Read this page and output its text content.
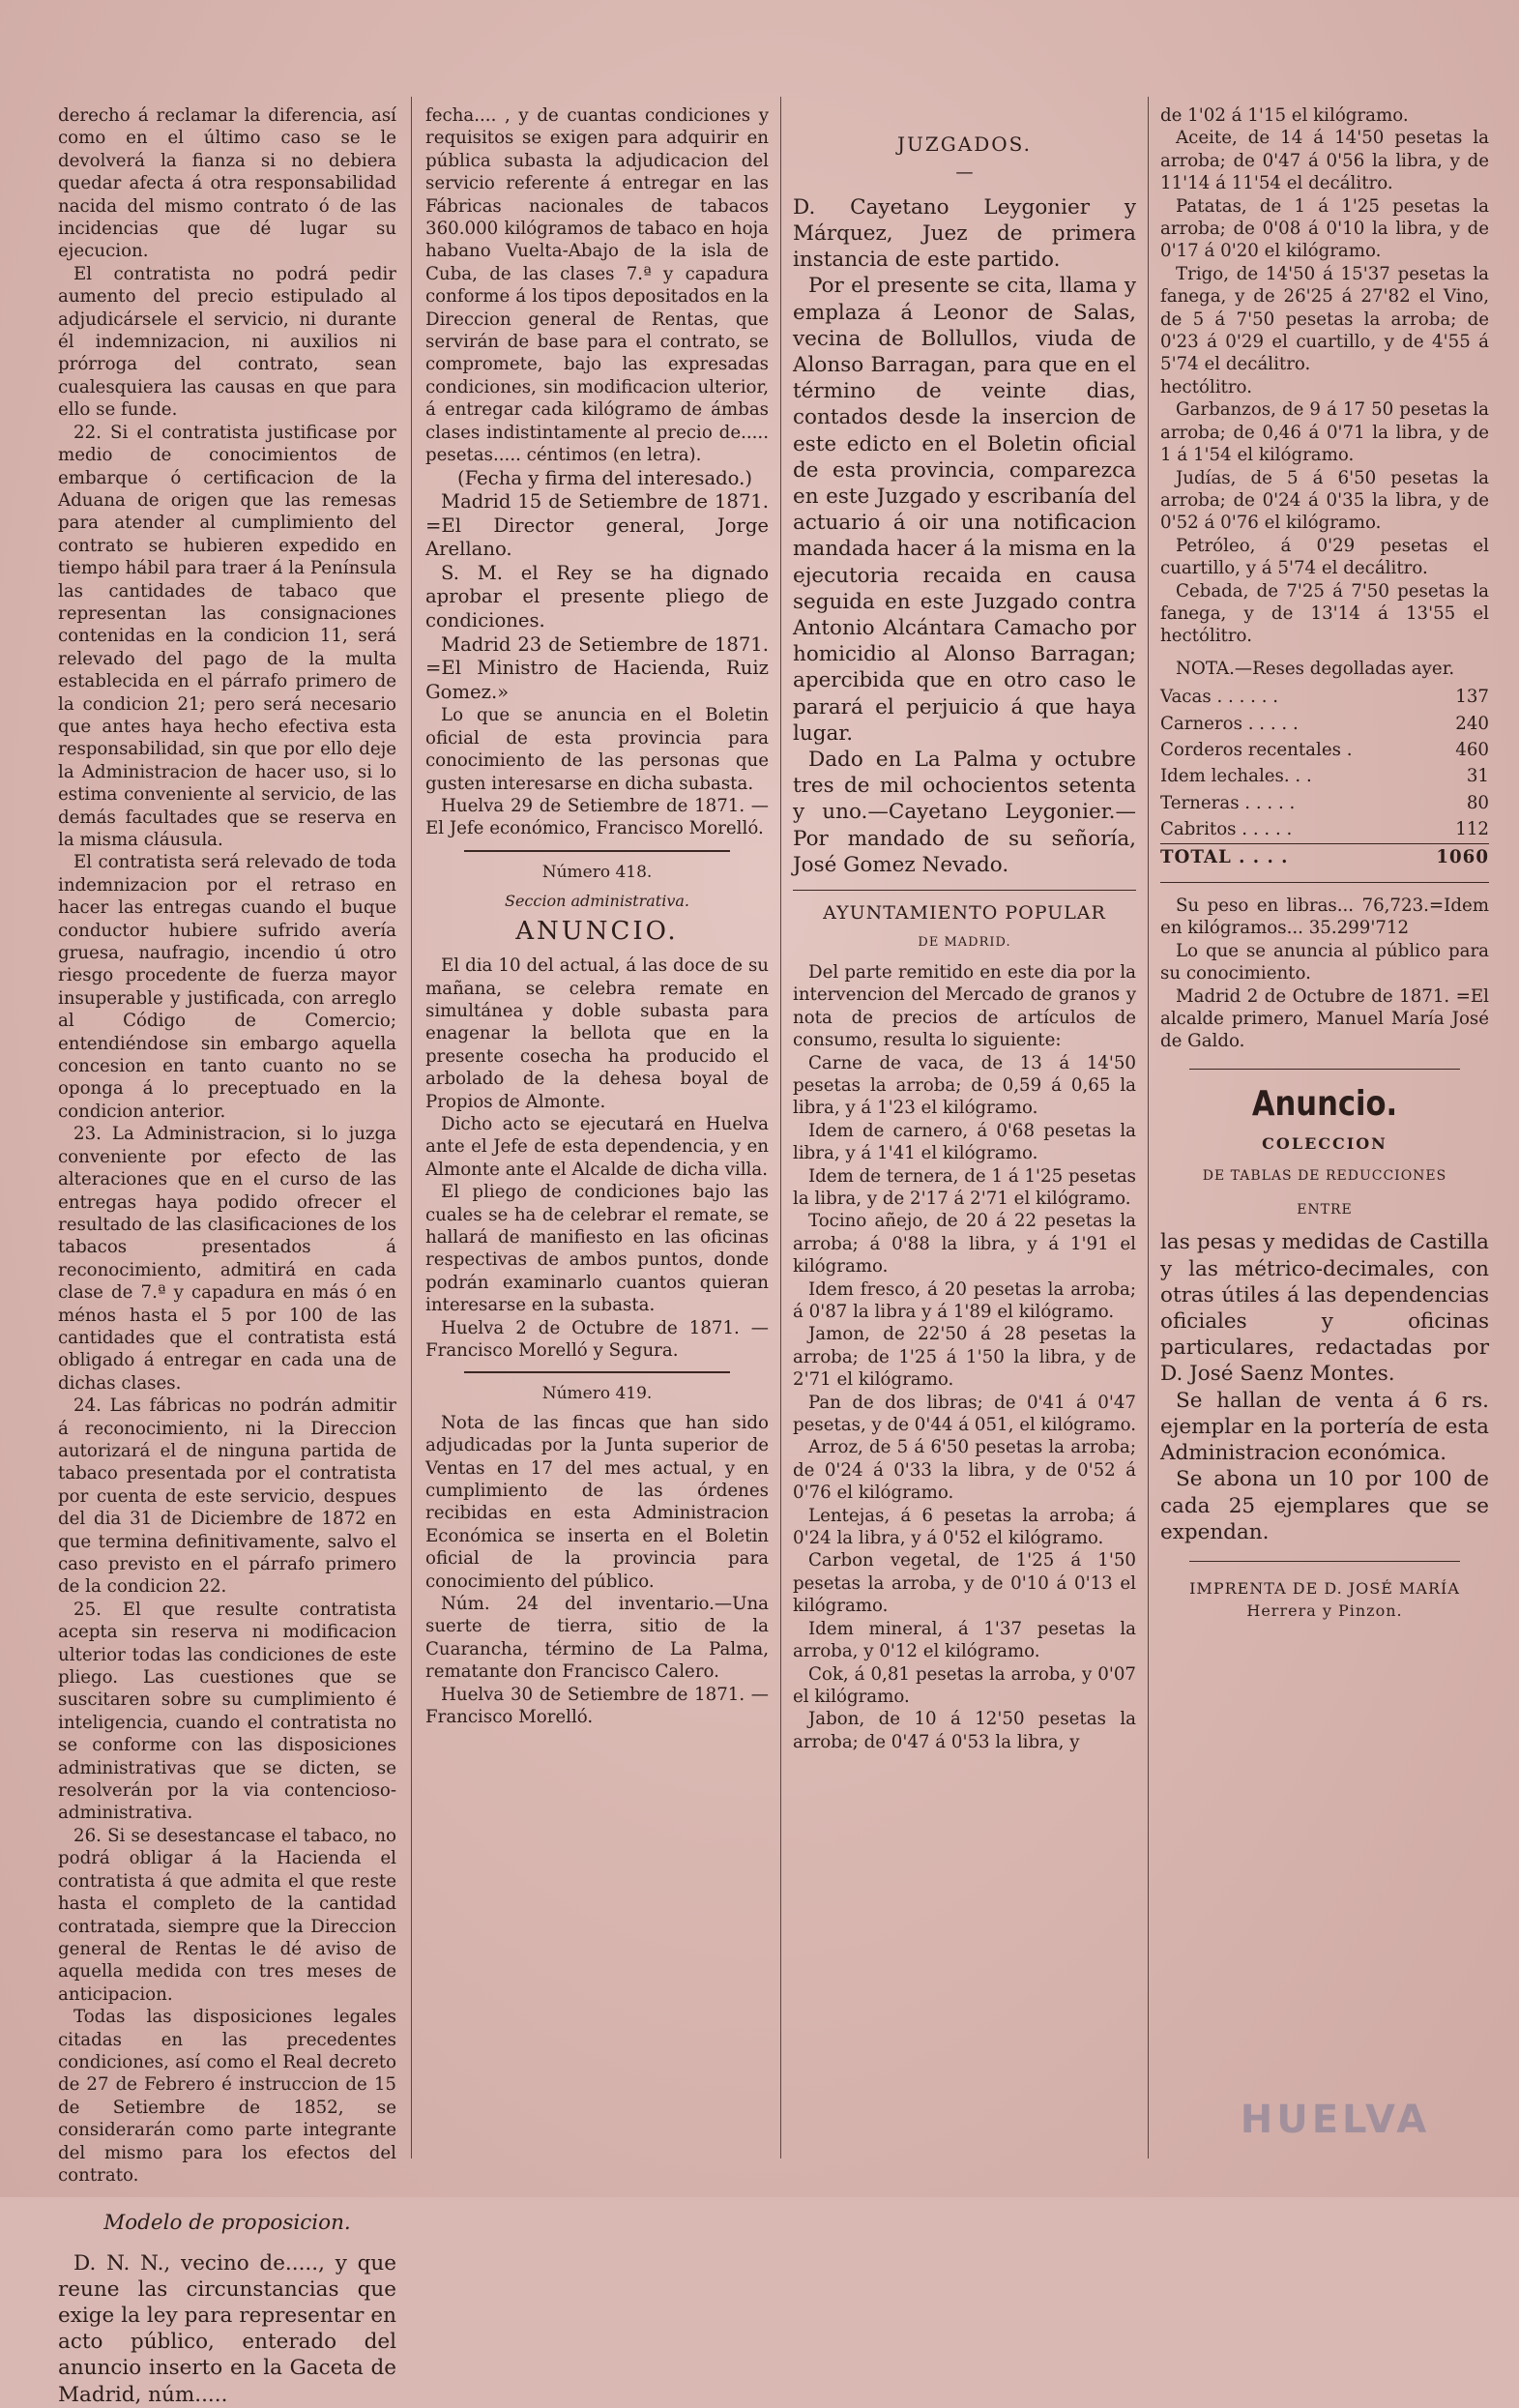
derecho á reclamar la diferencia, así como en el último caso se le devolverá la fianza si no debiera quedar afecta á otra responsabilidad nacida del mismo contrato ó de las incidencias que dé lugar su ejecucion.

El contratista no podrá pedir aumento del precio estipulado al adjudicársele el servicio, ni durante él indemnizacion, ni auxilios ni prórroga del contrato, sean cualesquiera las causas en que para ello se funde.

22. Si el contratista justificase por medio de conocimientos de embarque ó certificacion de la Aduana de origen que las remesas para atender al cumplimiento del contrato se hubieren expedido en tiempo hábil para traer á la Península las cantidades de tabaco que representan las consignaciones contenidas en la condicion 11, será relevado del pago de la multa establecida en el párrafo primero de la condicion 21; pero será necesario que antes haya hecho efectiva esta responsabilidad, sin que por ello deje la Administracion de hacer uso, si lo estima conveniente al servicio, de las demás facultades que se reserva en la misma cláusula.

El contratista será relevado de toda indemnizacion por el retraso en hacer las entregas cuando el buque conductor hubiere sufrido avería gruesa, naufragio, incendio ú otro riesgo procedente de fuerza mayor insuperable y justificada, con arreglo al Código de Comercio; entendiéndose sin embargo aquella concesion en tanto cuanto no se oponga á lo preceptuado en la condicion anterior.

23. La Administracion, si lo juzga conveniente por efecto de las alteraciones que en el curso de las entregas haya podido ofrecer el resultado de las clasificaciones de los tabacos presentados á reconocimiento, admitirá en cada clase de 7.ª y capadura en más ó en ménos hasta el 5 por 100 de las cantidades que el contratista está obligado á entregar en cada una de dichas clases.

24. Las fábricas no podrán admitir á reconocimiento, ni la Direccion autorizará el de ninguna partida de tabaco presentada por el contratista por cuenta de este servicio, despues del dia 31 de Diciembre de 1872 en que termina definitivamente, salvo el caso previsto en el párrafo primero de la condicion 22.

25. El que resulte contratista acepta sin reserva ni modificacion ulterior todas las condiciones de este pliego. Las cuestiones que se suscitaren sobre su cumplimiento é inteligencia, cuando el contratista no se conforme con las disposiciones administrativas que se dicten, se resolverán por la via contencioso-administrativa.

26. Si se desestancase el tabaco, no podrá obligar á la Hacienda el contratista á que admita el que reste hasta el completo de la cantidad contratada, siempre que la Direccion general de Rentas le dé aviso de aquella medida con tres meses de anticipacion.

Todas las disposiciones legales citadas en las precedentes condiciones, así como el Real decreto de 27 de Febrero é instruccion de 15 de Setiembre de 1852, se considerarán como parte integrante del mismo para los efectos del contrato.

Modelo de proposicion.

D. N. N., vecino de....., y que reune las circunstancias que exige la ley para representar en acto público, enterado del anuncio inserto en la Gaceta de Madrid, núm.....

fecha.... , y de cuantas condiciones y requisitos se exigen para adquirir en pública subasta la adjudicacion del servicio referente á entregar en las Fábricas nacionales de tabacos 360.000 kilógramos de tabaco en hoja habano Vuelta-Abajo de la isla de Cuba, de las clases 7.ª y capadura conforme á los tipos depositados en la Direccion general de Rentas, que servirán de base para el contrato, se compromete, bajo las expresadas condiciones, sin modificacion ulterior, á entregar cada kilógramo de ámbas clases indistintamente al precio de..... pesetas..... céntimos (en letra).

(Fecha y firma del interesado.)

Madrid 15 de Setiembre de 1871. =El Director general, Jorge Arellano.

S. M. el Rey se ha dignado aprobar el presente pliego de condiciones.

Madrid 23 de Setiembre de 1871. =El Ministro de Hacienda, Ruiz Gomez.»

Lo que se anuncia en el Boletin oficial de esta provincia para conocimiento de las personas que gusten interesarse en dicha subasta.

Huelva 29 de Setiembre de 1871. —El Jefe económico, Francisco Morelló.

Número 418.
Seccion administrativa.
ANUNCIO.

El dia 10 del actual, á las doce de su mañana, se celebra remate en simultánea y doble subasta para enagenar la bellota que en la presente cosecha ha producido el arbolado de la dehesa boyal de Propios de Almonte.

Dicho acto se ejecutará en Huelva ante el Jefe de esta dependencia, y en Almonte ante el Alcalde de dicha villa.

El pliego de condiciones bajo las cuales se ha de celebrar el remate, se hallará de manifiesto en las oficinas respectivas de ambos puntos, donde podrán examinarlo cuantos quieran interesarse en la subasta.

Huelva 2 de Octubre de 1871. —Francisco Morelló y Segura.

Número 419.

Nota de las fincas que han sido adjudicadas por la Junta superior de Ventas en 17 del mes actual, y en cumplimiento de las órdenes recibidas en esta Administracion Económica se inserta en el Boletin oficial de la provincia para conocimiento del público.

Núm. 24 del inventario.—Una suerte de tierra, sitio de la Cuarancha, término de La Palma, rematante don Francisco Calero.

Huelva 30 de Setiembre de 1871. —Francisco Morelló.

JUZGADOS.
—

D. Cayetano Leygonier y Márquez, Juez de primera instancia de este partido.

Por el presente se cita, llama y emplaza á Leonor de Salas, vecina de Bollullos, viuda de Alonso Barragan, para que en el término de veinte dias, contados desde la insercion de este edicto en el Boletin oficial de esta provincia, comparezca en este Juzgado y escribanía del actuario á oir una notificacion mandada hacer á la misma en la ejecutoria recaida en causa seguida en este Juzgado contra Antonio Alcántara Camacho por homicidio al Alonso Barragan; apercibida que en otro caso le parará el perjuicio á que haya lugar.

Dado en La Palma y octubre tres de mil ochocientos setenta y uno.—Cayetano Leygonier.—Por mandado de su señoría, José Gomez Nevado.

AYUNTAMIENTO POPULAR
DE MADRID.

Del parte remitido en este dia por la intervencion del Mercado de granos y nota de precios de artículos de consumo, resulta lo siguiente:

Carne de vaca, de 13 á 14'50 pesetas la arroba; de 0,59 á 0,65 la libra, y á 1'23 el kilógramo.

Idem de carnero, á 0'68 pesetas la libra, y á 1'41 el kilógramo.

Idem de ternera, de 1 á 1'25 pesetas la libra, y de 2'17 á 2'71 el kilógramo.

Tocino añejo, de 20 á 22 pesetas la arroba; á 0'88 la libra, y á 1'91 el kilógramo.

Idem fresco, á 20 pesetas la arroba; á 0'87 la libra y á 1'89 el kilógramo.

Jamon, de 22'50 á 28 pesetas la arroba; de 1'25 á 1'50 la libra, y de 2'71 el kilógramo.

Pan de dos libras; de 0'41 á 0'47 pesetas, y de 0'44 á 051, el kilógramo.

Arroz, de 5 á 6'50 pesetas la arroba; de 0'24 á 0'33 la libra, y de 0'52 á 0'76 el kilógramo.

Lentejas, á 6 pesetas la arroba; á 0'24 la libra, y á 0'52 el kilógramo.

Carbon vegetal, de 1'25 á 1'50 pesetas la arroba, y de 0'10 á 0'13 el kilógramo.

Idem mineral, á 1'37 pesetas la arroba, y 0'12 el kilógramo.

Cok, á 0,81 pesetas la arroba, y 0'07 el kilógramo.

Jabon, de 10 á 12'50 pesetas la arroba; de 0'47 á 0'53 la libra, y

de 1'02 á 1'15 el kilógramo.

Aceite, de 14 á 14'50 pesetas la arroba; de 0'47 á 0'56 la libra, y de 11'14 á 11'54 el decálitro.

Patatas, de 1 á 1'25 pesetas la arroba; de 0'08 á 0'10 la libra, y de 0'17 á 0'20 el kilógramo.

Trigo, de 14'50 á 15'37 pesetas la fanega, y de 26'25 á 27'82 el Vino, de 5 á 7'50 pesetas la arroba; de 0'23 á 0'29 el cuartillo, y de 4'55 á 5'74 el decálitro.

hectólitro.

Garbanzos, de 9 á 17 50 pesetas la arroba; de 0,46 á 0'71 la libra, y de 1 á 1'54 el kilógramo.

Judías, de 5 á 6'50 pesetas la arroba; de 0'24 á 0'35 la libra, y de 0'52 á 0'76 el kilógramo.

Petróleo, á 0'29 pesetas el cuartillo, y á 5'74 el decálitro.

Cebada, de 7'25 á 7'50 pesetas la fanega, y de 13'14 á 13'55 el hectólitro.

NOTA.—Reses degolladas ayer.

Vacas . . . . . .	137
Carneros . . . . .	240
Corderos recentales .	460
Idem lechales. . .	31
Terneras . . . . .	80
Cabritos . . . . .	112
TOTAL . . . .	1060

Su peso en libras... 76,723.=Idem en kilógramos... 35.299'712

Lo que se anuncia al público para su conocimiento.

Madrid 2 de Octubre de 1871. =El alcalde primero, Manuel María José de Galdo.

Anuncio.
COLECCION
DE TABLAS DE REDUCCIONES
ENTRE

las pesas y medidas de Castilla y las métrico-decimales, con otras útiles á las dependencias oficiales y oficinas particulares, redactadas por D. José Saenz Montes.

Se hallan de venta á 6 rs. ejemplar en la portería de esta Administracion económica.

Se abona un 10 por 100 de cada 25 ejemplares que se expendan.

IMPRENTA DE D. JOSÉ MARÍA Herrera y Pinzon.
HUELVA
